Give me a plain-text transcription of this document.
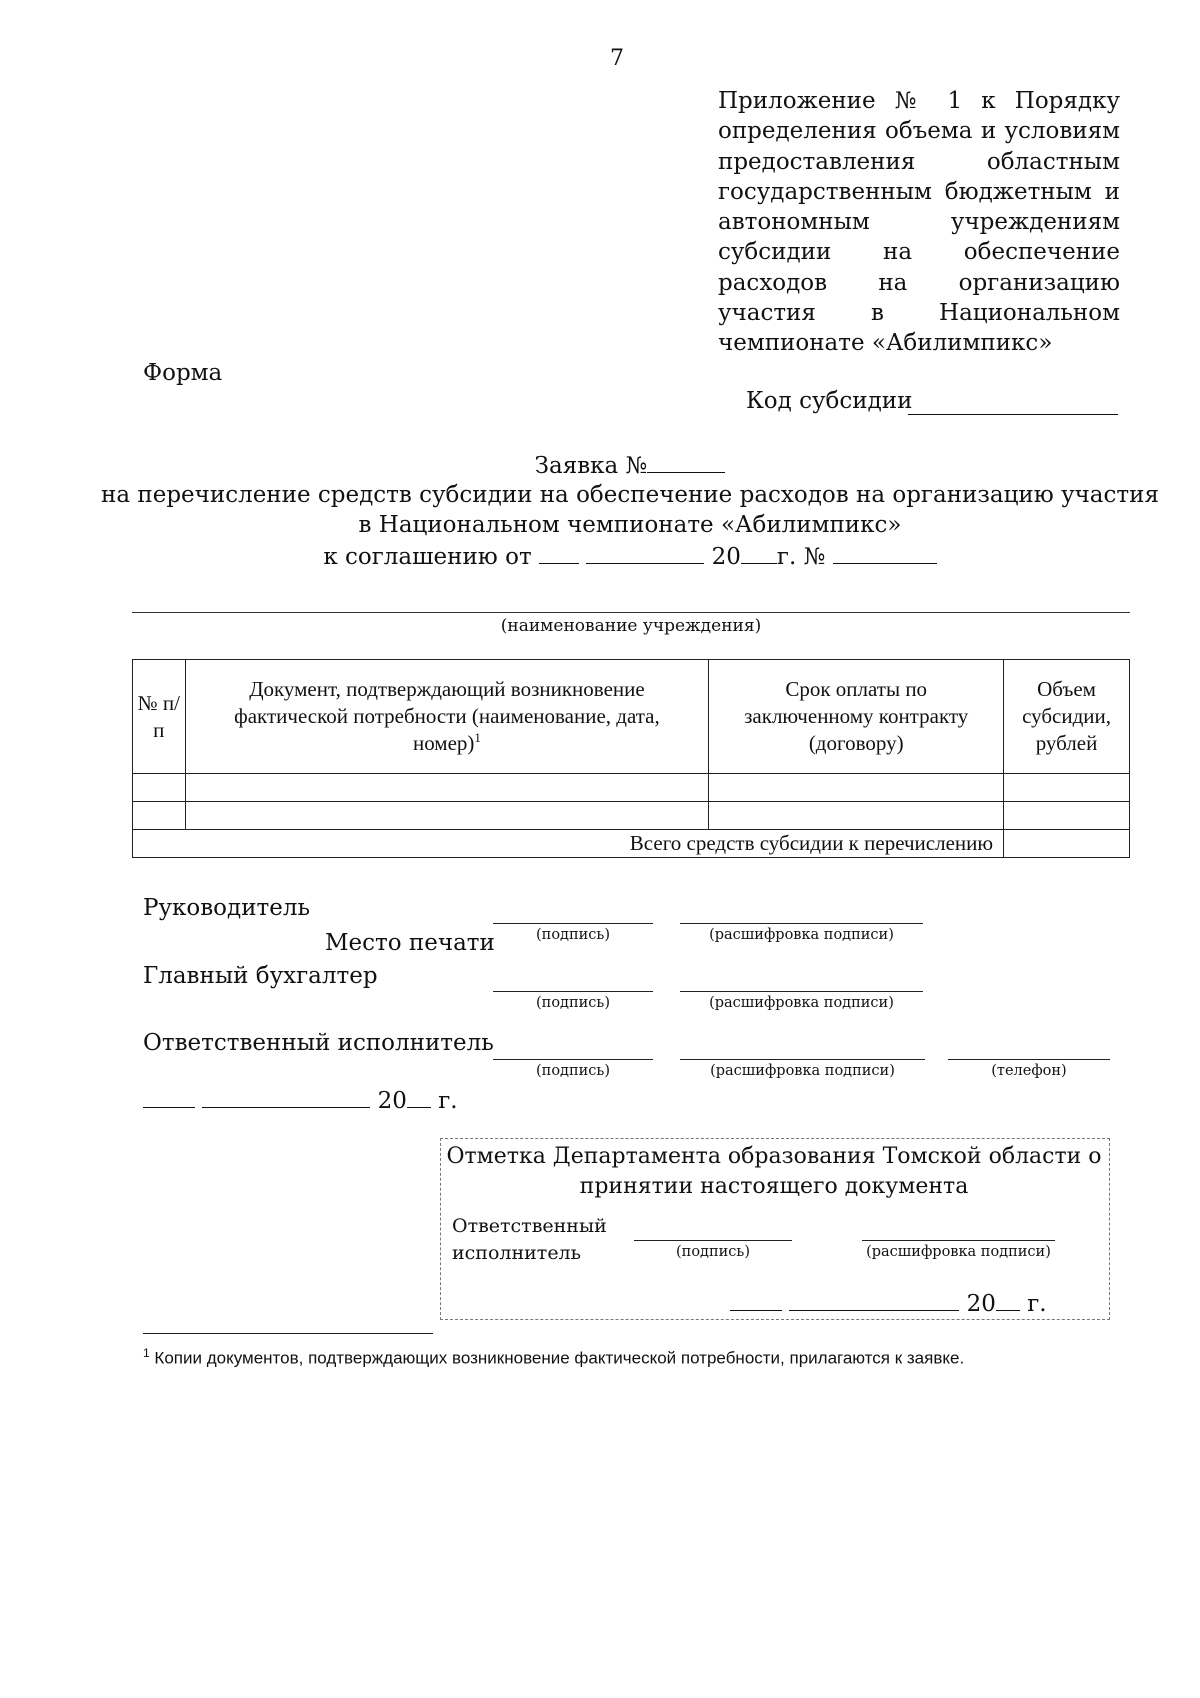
7
Приложение № 1 к Порядку определения объема и условиям предоставления областным государственным бюджетным и автономным учреждениям субсидии на обеспечение расходов на организацию участия в Национальном чемпионате «Абилимпикс»
Форма
Код субсидии
Заявка №
на перечисление средств субсидии на обеспечение расходов на организацию участия
в Национальном чемпионате «Абилимпикс»
к соглашению от	20 г. №
(наименование учреждения)
№ п/п	Документ, подтверждающий возникновение фактической потребности (наименование, дата, номер)$^1$	Срок оплаты по заключенному контракту (договору)	Объем субсидии, рублей

Всего средств субсидии к перечислению			
Руководитель
Место печати	(подпись)	(расшифровка подписи)
Главный бухгалтер
(подпись)	(расшифровка подписи)
Ответственный исполнитель
(подпись)	(расшифровка подписи)	(телефон)
20 г.
Отметка Департамента образования Томской области о принятии настоящего документа
Ответственный
исполнитель	(подпись)	(расшифровка подписи)
20 г.
$^1$ Копии документов, подтверждающих возникновение фактической потребности, прилагаются к заявке.
